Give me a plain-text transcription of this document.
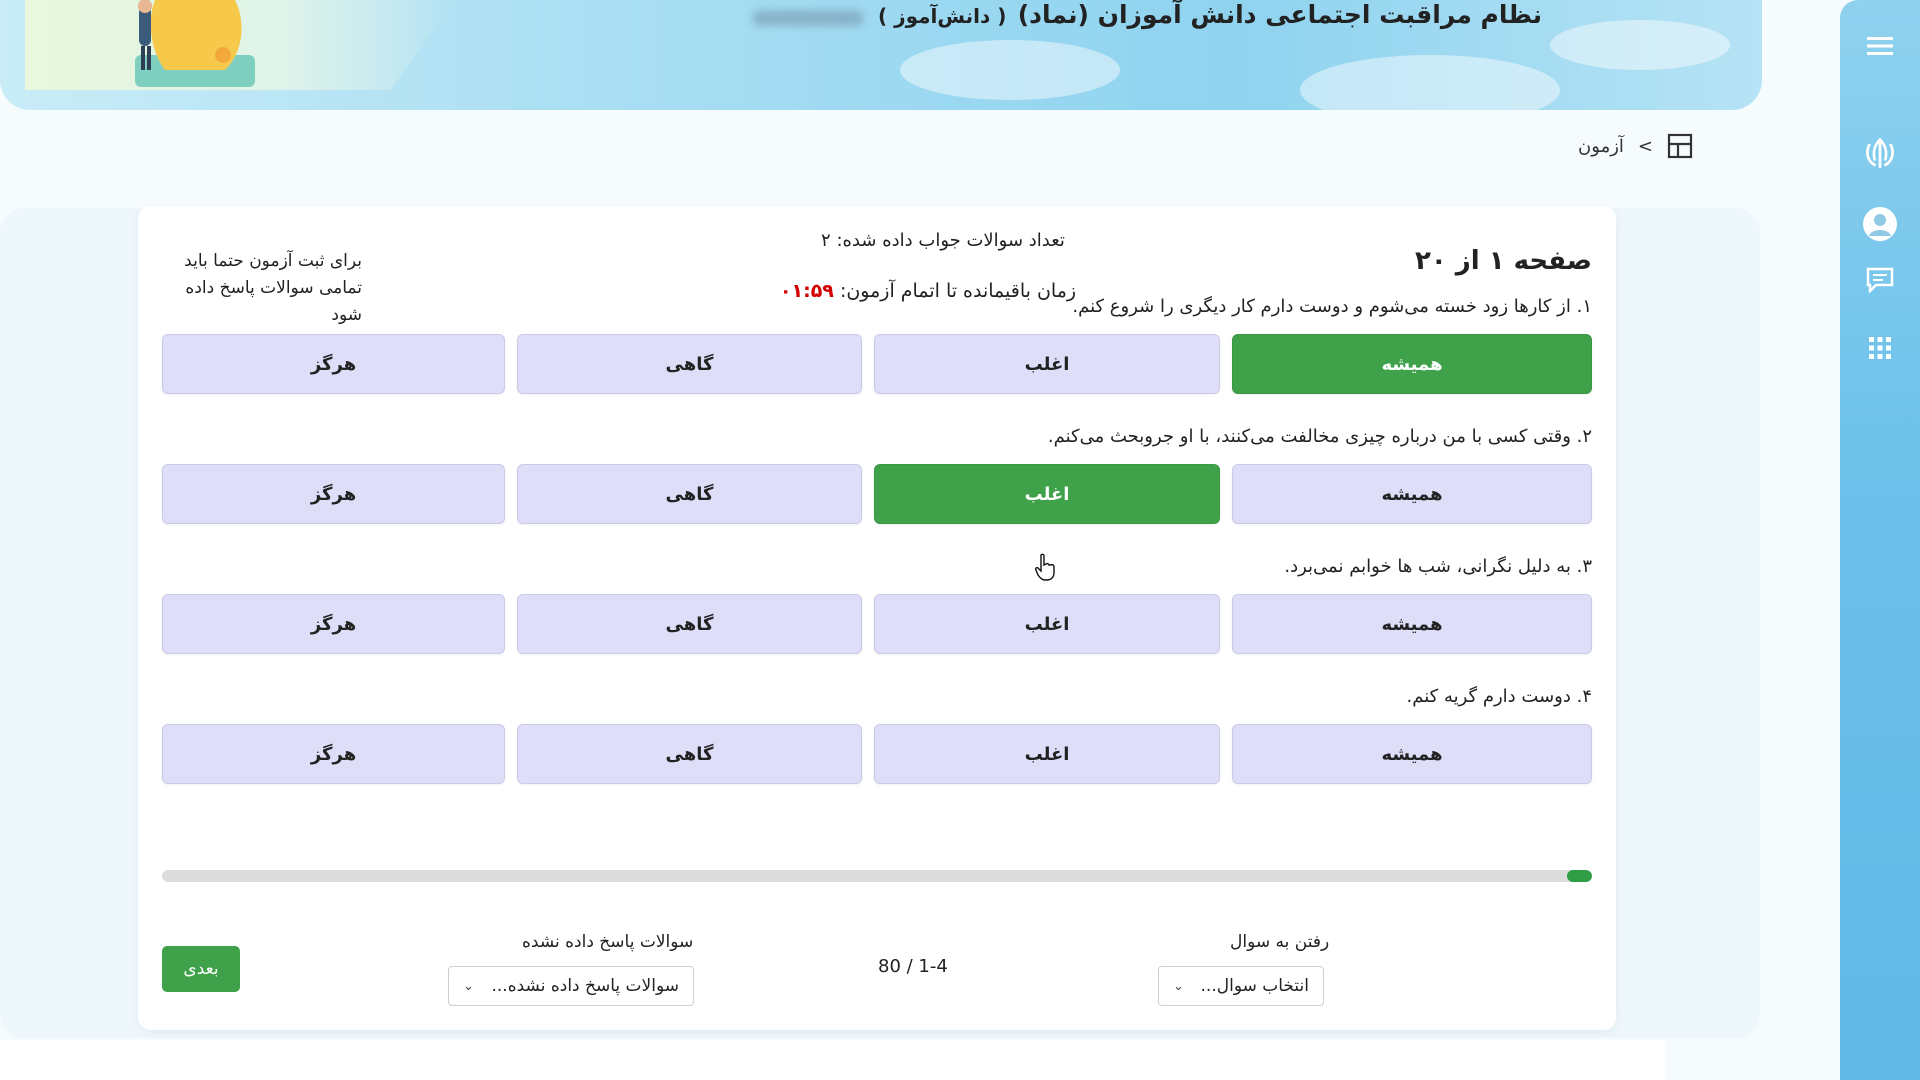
نظام مراقبت اجتماعی دانش آموزان (نماد)
( دانش‌آموز )
>
آزمون
صفحه ۱ از ۲۰
تعداد سوالات جواب داده شده: ۲
زمان باقیمانده تا اتمام آزمون: ۰۱:۵۹
برای ثبت آزمون حتما باید
تمامی سوالات پاسخ داده شود	۱. از کارها زود خسته می‌شوم و دوست دارم کار دیگری را شروع کنم.
همیشه
اغلب
گاهی
هرگز
۲. وقتی کسی با من درباره چیزی مخالفت می‌کنند، با او جروبحث می‌کنم.
همیشه
اغلب
گاهی
هرگز
۳. به دلیل نگرانی، شب ها خوابم نمی‌برد.
همیشه
اغلب
گاهی
هرگز
۴. دوست دارم گریه کنم.
همیشه
اغلب
گاهی
هرگز
بعدی
سوالات پاسخ داده نشده
سوالات پاسخ داده نشده...
⌄
80 / 1-4
رفتن به سوال
انتخاب سوال...
⌄
